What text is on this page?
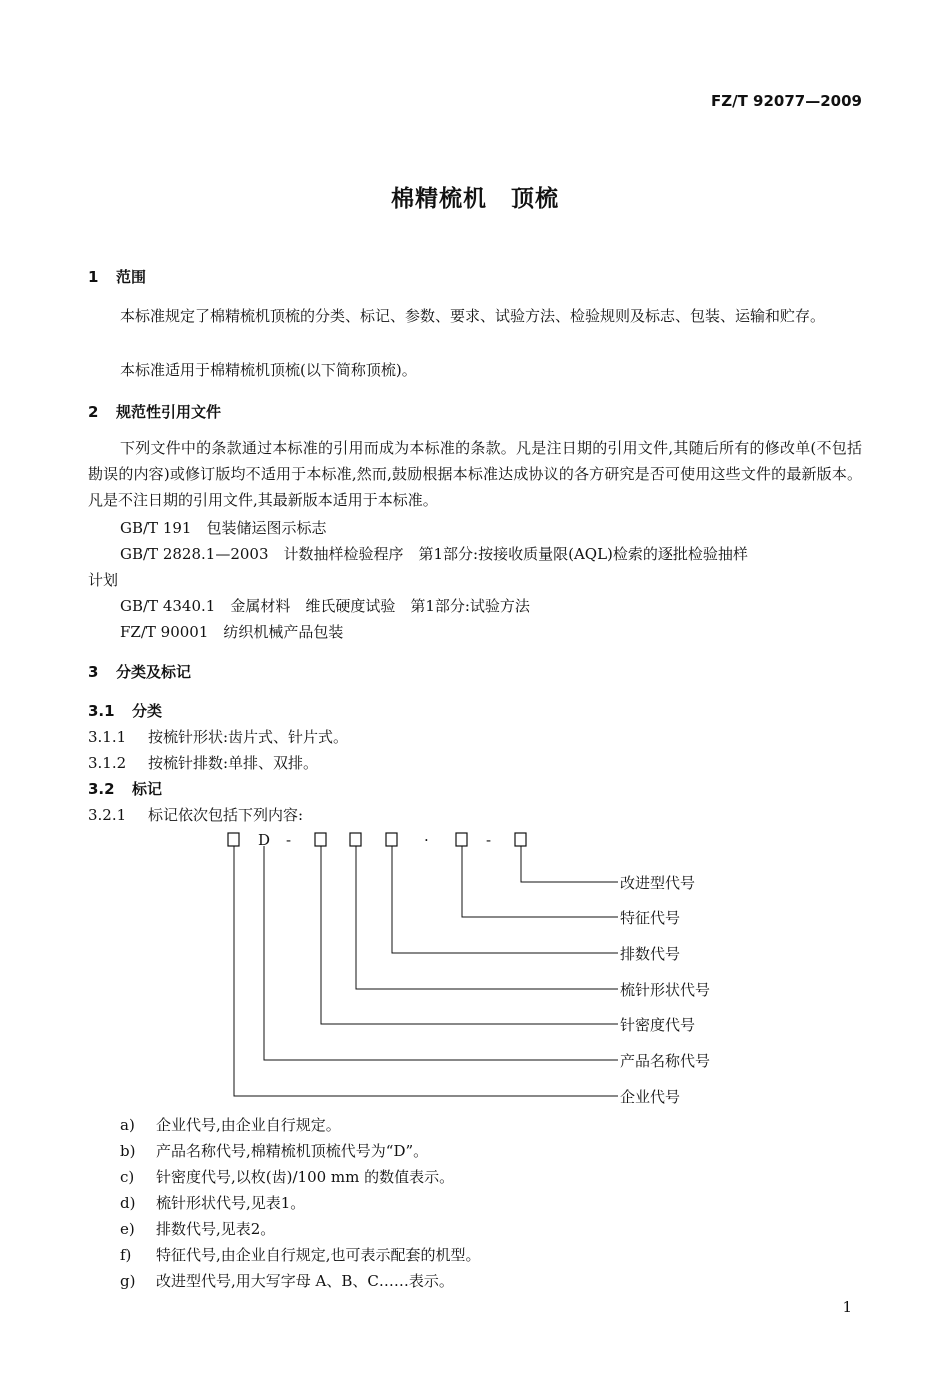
FZ/T 92077—2009
棉精梳机　顶梳
1 范围
本标准规定了棉精梳机顶梳的分类、标记、参数、要求、试验方法、检验规则及标志、包装、运输和贮存。
本标准适用于棉精梳机顶梳(以下简称顶梳)。
2 规范性引用文件
下列文件中的条款通过本标准的引用而成为本标准的条款。凡是注日期的引用文件,其随后所有的修改单(不包括勘误的内容)或修订版均不适用于本标准,然而,鼓励根据本标准达成协议的各方研究是否可使用这些文件的最新版本。凡是不注日期的引用文件,其最新版本适用于本标准。
GB/T 191　包装储运图示标志
GB/T 2828.1—2003　计数抽样检验程序　第1部分:按接收质量限(AQL)检索的逐批检验抽样
计划
GB/T 4340.1　金属材料　维氏硬度试验　第1部分:试验方法
FZ/T 90001　纺织机械产品包装
3 分类及标记
3.1 分类
3.1.1 按梳针形状:齿片式、针片式。
3.1.2 按梳针排数:单排、双排。
3.2 标记
3.2.1 标记依次包括下列内容:
D -	·	-
改进型代号
特征代号
排数代号
梳针形状代号
针密度代号
产品名称代号
企业代号
a) 企业代号,由企业自行规定。
b) 产品名称代号,棉精梳机顶梳代号为“D”。
c) 针密度代号,以枚(齿)/100 mm 的数值表示。
d) 梳针形状代号,见表1。
e) 排数代号,见表2。
f) 特征代号,由企业自行规定,也可表示配套的机型。
g) 改进型代号,用大写字母 A、B、C……表示。
1
